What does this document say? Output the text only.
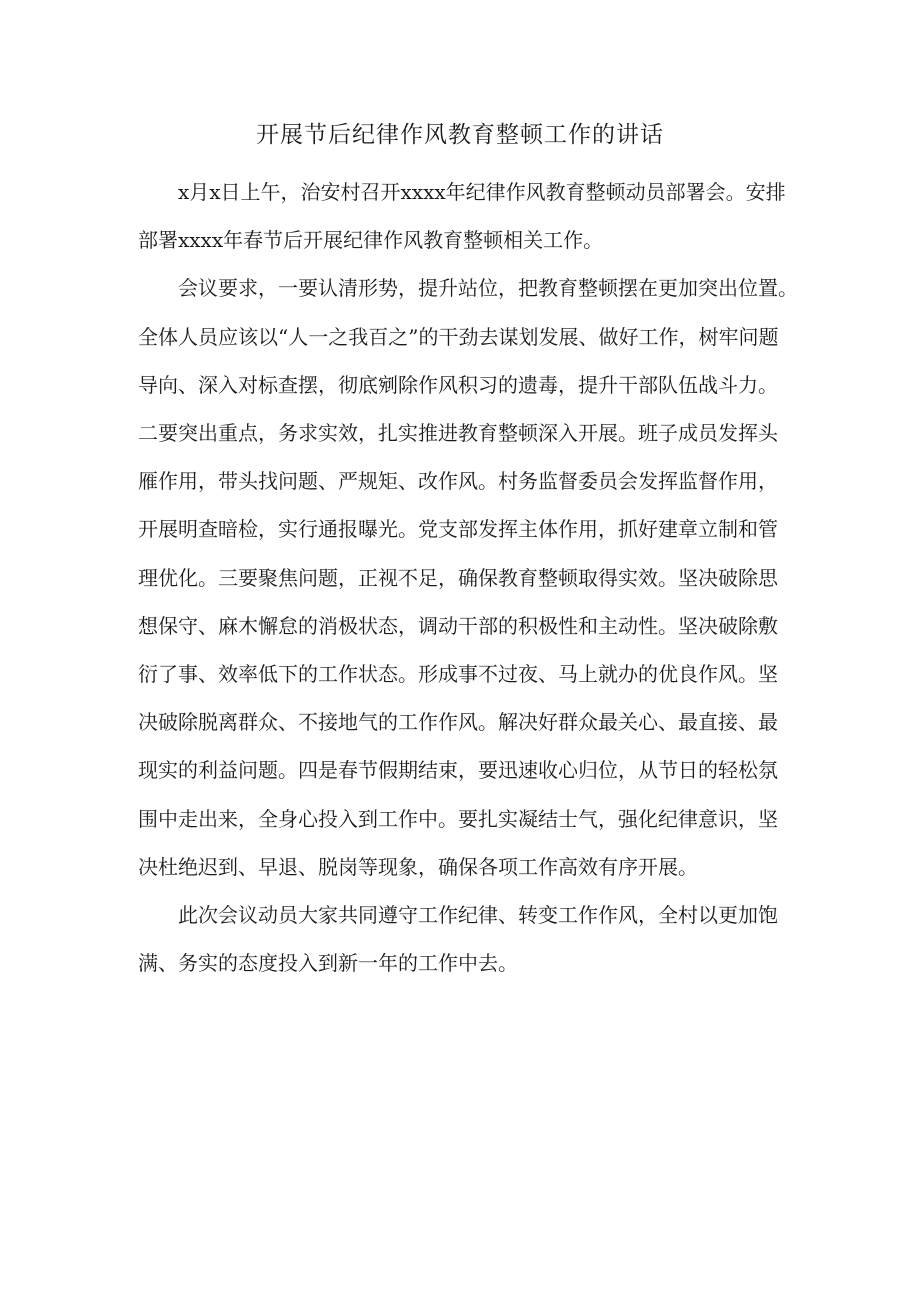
开展节后纪律作风教育整顿工作的讲话

x月x日上午，治安村召开xxxx年纪律作风教育整顿动员部署会。安排
部署xxxx年春节后开展纪律作风教育整顿相关工作。

会议要求，一要认清形势，提升站位，把教育整顿摆在更加突出位置。
全体人员应该以“人一之我百之”的干劲去谋划发展、做好工作，树牢问题
导向、深入对标查摆，彻底剜除作风积习的遗毒，提升干部队伍战斗力。
二要突出重点，务求实效，扎实推进教育整顿深入开展。班子成员发挥头
雁作用，带头找问题、严规矩、改作风。村务监督委员会发挥监督作用，
开展明查暗检，实行通报曝光。党支部发挥主体作用，抓好建章立制和管
理优化。三要聚焦问题，正视不足，确保教育整顿取得实效。坚决破除思
想保守、麻木懈怠的消极状态，调动干部的积极性和主动性。坚决破除敷
衍了事、效率低下的工作状态。形成事不过夜、马上就办的优良作风。坚
决破除脱离群众、不接地气的工作作风。解决好群众最关心、最直接、最
现实的利益问题。四是春节假期结束，要迅速收心归位，从节日的轻松氛
围中走出来，全身心投入到工作中。要扎实凝结士气，强化纪律意识，坚
决杜绝迟到、早退、脱岗等现象，确保各项工作高效有序开展。

此次会议动员大家共同遵守工作纪律、转变工作作风，全村以更加饱
满、务实的态度投入到新一年的工作中去。
